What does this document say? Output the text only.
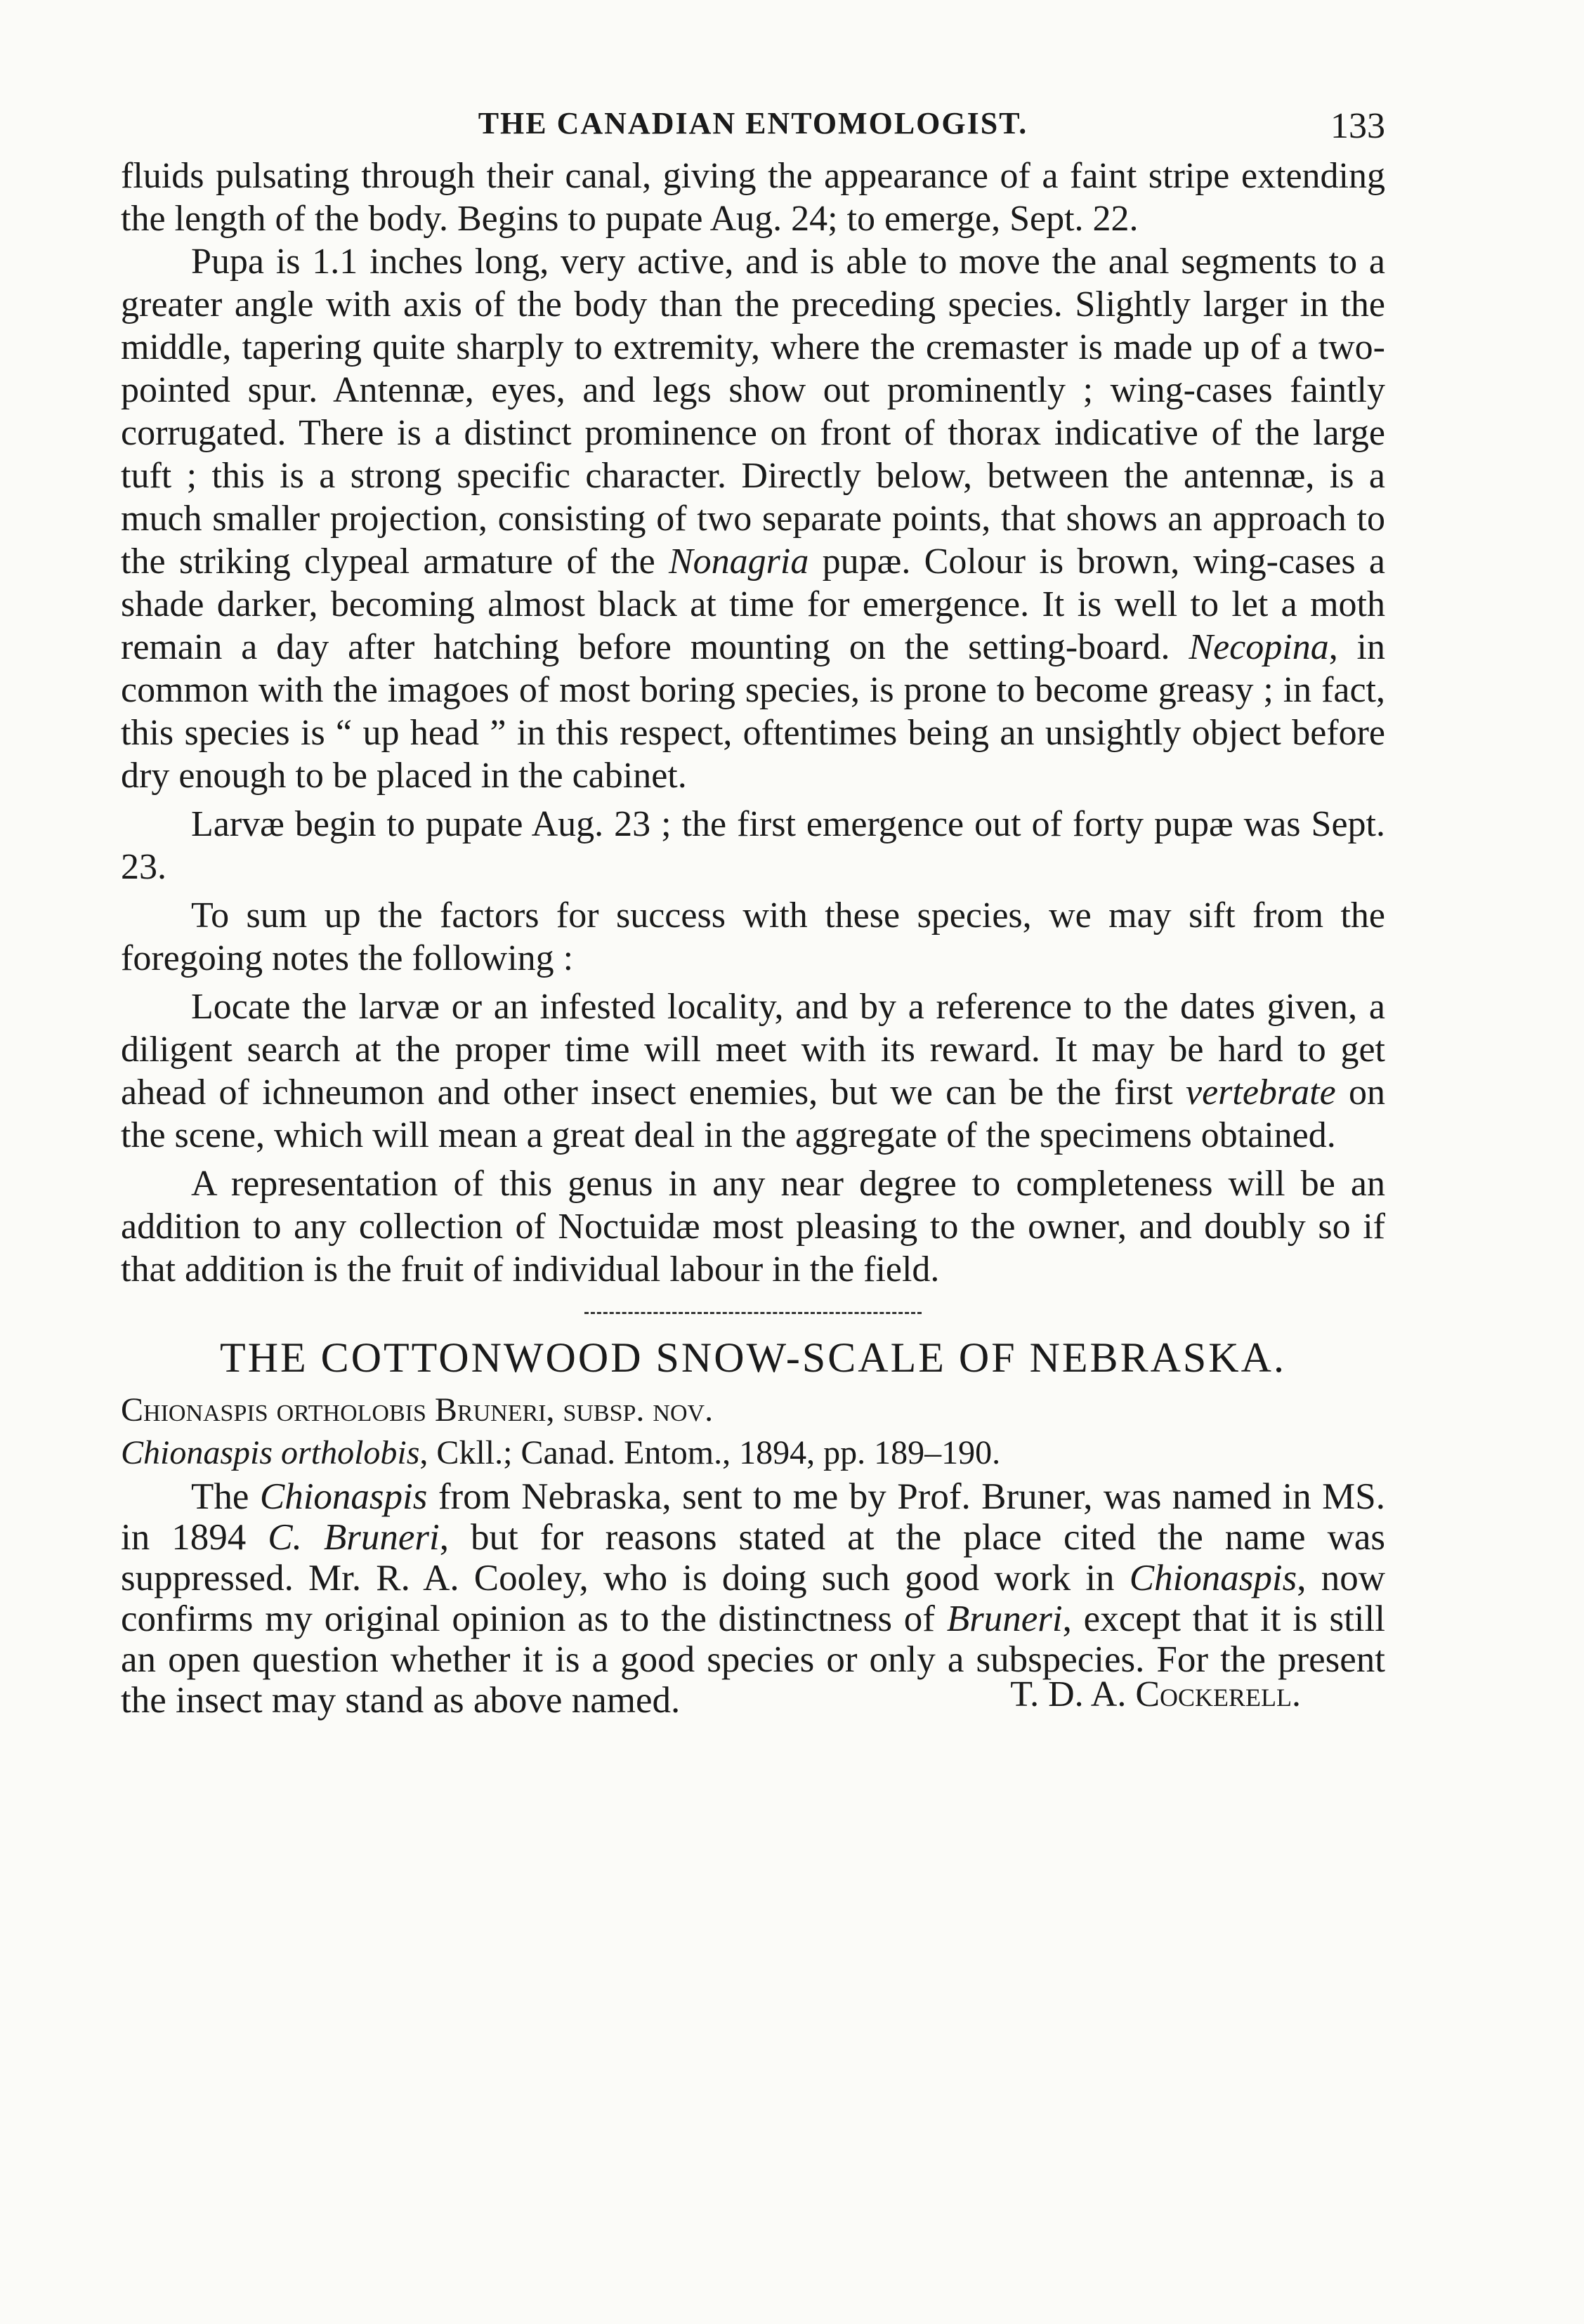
THE CANADIAN ENTOMOLOGIST.	133

fluids pulsating through their canal, giving the appearance of a faint stripe extending the length of the body. Begins to pupate Aug. 24; to emerge, Sept. 22.

Pupa is 1.1 inches long, very active, and is able to move the anal segments to a greater angle with axis of the body than the preceding species. Slightly larger in the middle, tapering quite sharply to extremity, where the cremaster is made up of a two-pointed spur. Antennæ, eyes, and legs show out prominently ; wing-cases faintly corrugated. There is a distinct prominence on front of thorax indicative of the large tuft ; this is a strong specific character. Directly below, between the antennæ, is a much smaller projection, consisting of two separate points, that shows an approach to the striking clypeal armature of the Nonagria pupæ. Colour is brown, wing-cases a shade darker, becoming almost black at time for emergence. It is well to let a moth remain a day after hatching before mounting on the setting-board. Necopina, in common with the imagoes of most boring species, is prone to become greasy ; in fact, this species is “ up head ” in this respect, oftentimes being an unsightly object before dry enough to be placed in the cabinet.

Larvæ begin to pupate Aug. 23 ; the first emergence out of forty pupæ was Sept. 23.

To sum up the factors for success with these species, we may sift from the foregoing notes the following :

Locate the larvæ or an infested locality, and by a reference to the dates given, a diligent search at the proper time will meet with its reward. It may be hard to get ahead of ichneumon and other insect enemies, but we can be the first vertebrate on the scene, which will mean a great deal in the aggregate of the specimens obtained.

A representation of this genus in any near degree to completeness will be an addition to any collection of Noctuidæ most pleasing to the owner, and doubly so if that addition is the fruit of individual labour in the field.

THE COTTONWOOD SNOW-SCALE OF NEBRASKA.
Chionaspis ortholobis Bruneri, subsp. nov.
Chionaspis ortholobis, Ckll.; Canad. Entom., 1894, pp. 189–190.

The Chionaspis from Nebraska, sent to me by Prof. Bruner, was named in MS. in 1894 C. Bruneri, but for reasons stated at the place cited the name was suppressed. Mr. R. A. Cooley, who is doing such good work in Chionaspis, now confirms my original opinion as to the distinctness of Bruneri, except that it is still an open question whether it is a good species or only a subspecies. For the present the insect may stand as above named.	T. D. A. Cockerell.
